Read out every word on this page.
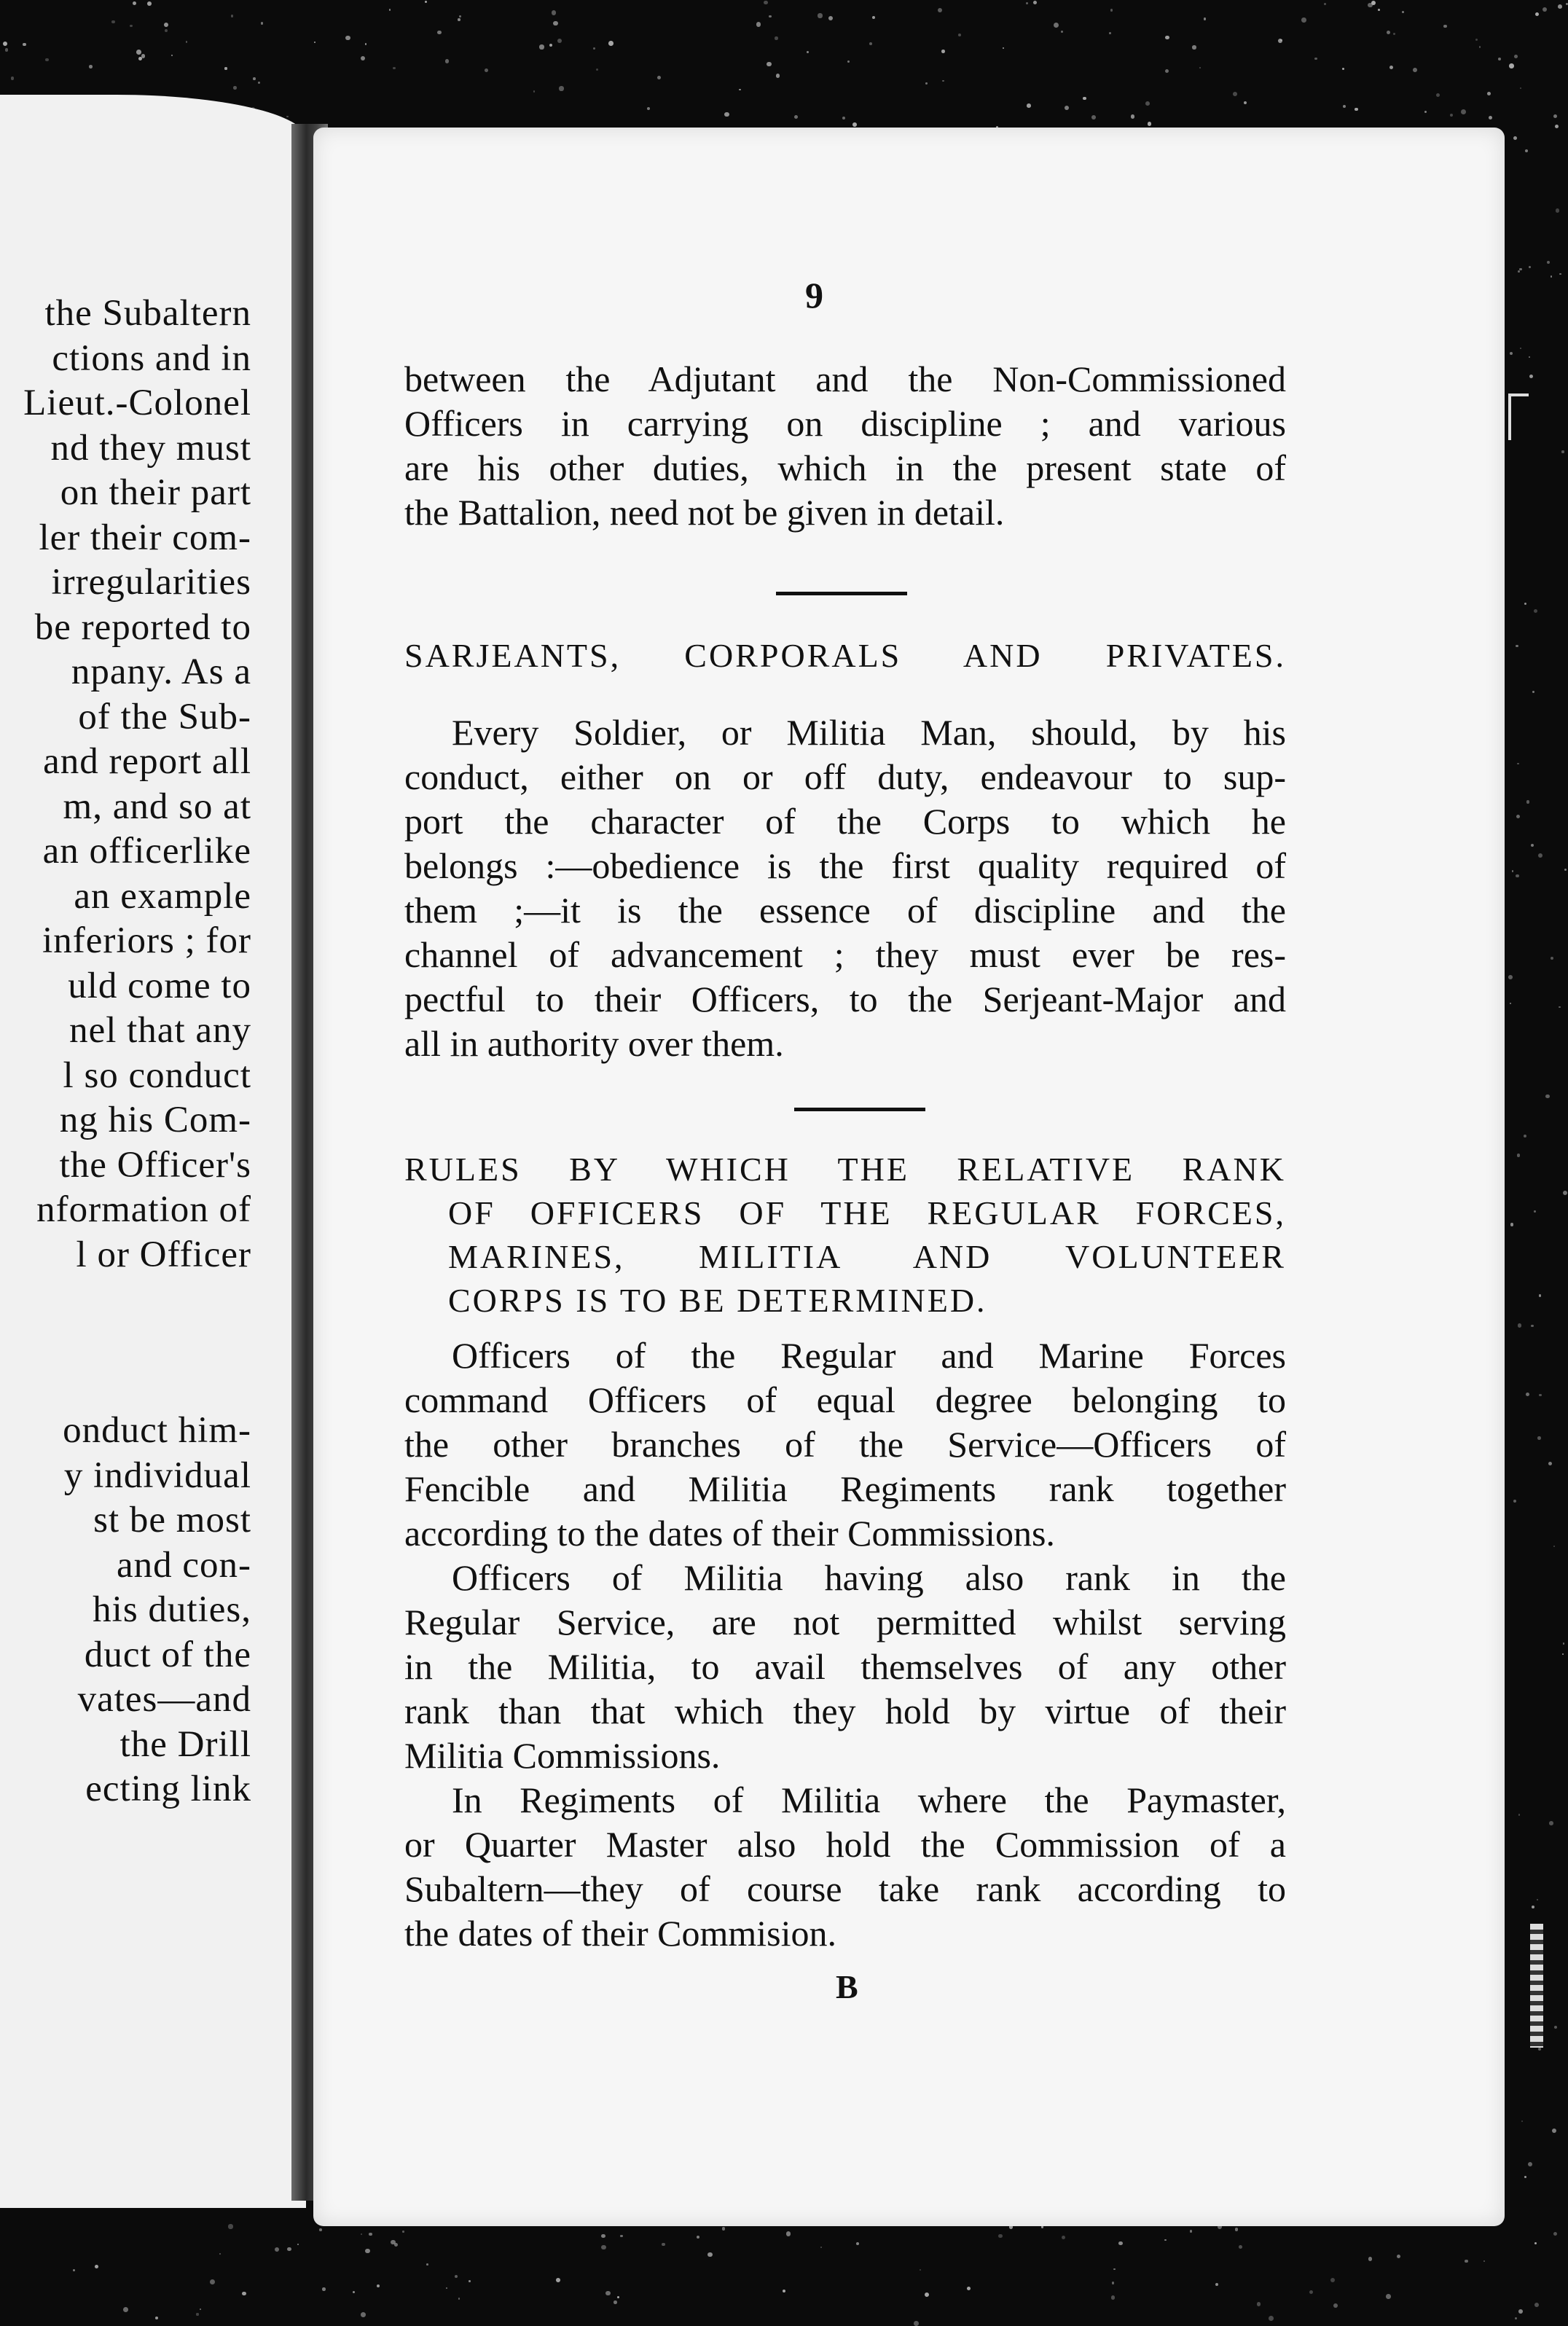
the Subaltern
ctions and in
Lieut.-Colonel
nd they must
on their part
ler their com-
irregularities
be reported to
npany. As a
of the Sub-
and report all
m, and so at
an officerlike
an example
inferiors ; for
uld come to
nel that any
l so conduct
ng his Com-
the Officer's
nformation of
l or Officer
onduct him-
y individual
st be most
and con-
his duties,
duct of the
vates—and
the Drill
ecting link
9
between the Adjutant and the Non-Commissioned
Officers in carrying on discipline ; and various
are his other duties, which in the present state of
the Battalion, need not be given in detail.
SARJEANTS, CORPORALS AND PRIVATES.
Every Soldier, or Militia Man, should, by his
conduct, either on or off duty, endeavour to sup-
port the character of the Corps to which he
belongs :—obedience is the first quality required of
them ;—it is the essence of discipline and the
channel of advancement ; they must ever be res-
pectful to their Officers, to the Serjeant-Major and
all in authority over them.
RULES BY WHICH THE RELATIVE RANK
OF OFFICERS OF THE REGULAR FORCES,
MARINES, MILITIA AND VOLUNTEER
CORPS IS TO BE DETERMINED.
Officers of the Regular and Marine Forces
command Officers of equal degree belonging to
the other branches of the Service—Officers of
Fencible and Militia Regiments rank together
according to the dates of their Commissions.
Officers of Militia having also rank in the
Regular Service, are not permitted whilst serving
in the Militia, to avail themselves of any other
rank than that which they hold by virtue of their
Militia Commissions.
In Regiments of Militia where the Paymaster,
or Quarter Master also hold the Commission of a
Subaltern—they of course take rank according to
the dates of their Commision.
B
